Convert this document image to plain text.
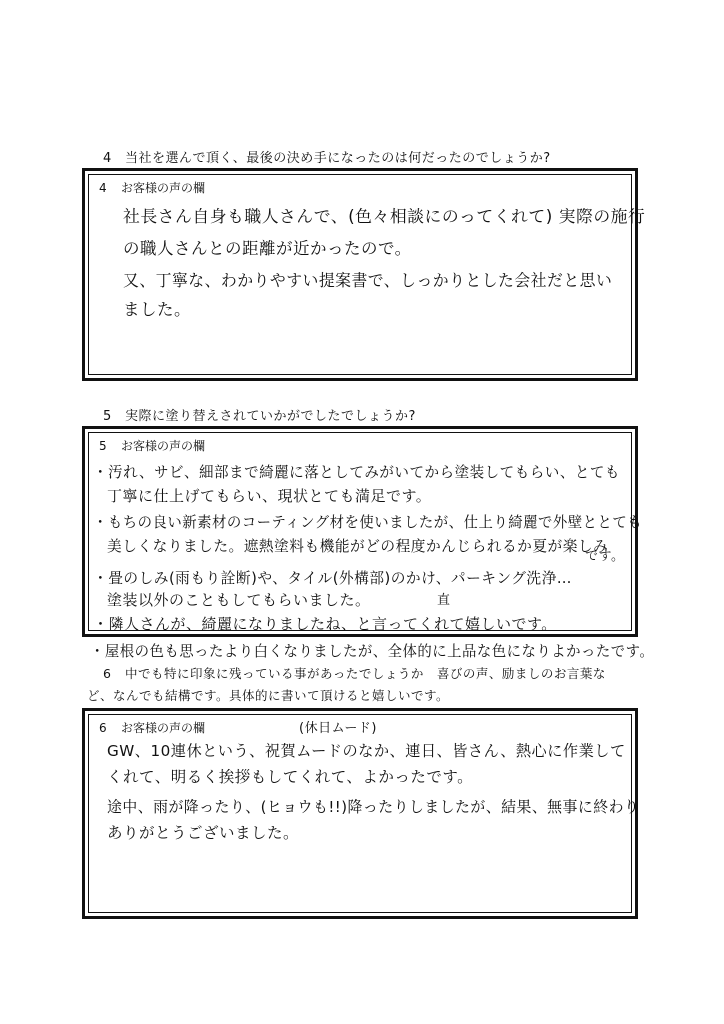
4 当社を選んで頂く、最後の決め手になったのは何だったのでしょうか?
4 お客様の声の欄
社長さん自身も職人さんで、(色々相談にのってくれて) 実際の施行
の職人さんとの距離が近かったので。
又、丁寧な、わかりやすい提案書で、しっかりとした会社だと思い
ました。
5 実際に塗り替えされていかがでしたでしょうか?
5 お客様の声の欄
・汚れ、サビ、細部まで綺麗に落としてみがいてから塗装してもらい、とても
丁寧に仕上げてもらい、現状とても満足です。
・もちの良い新素材のコーティング材を使いましたが、仕上り綺麗で外壁ととても
美しくなりました。遮熱塗料も機能がどの程度かんじられるか夏が楽しみ
です。
・畳のしみ(雨もり詮断)や、タイル(外構部)のかけ、パーキング洗浄…
直
塗装以外のこともしてもらいました。
・隣人さんが、綺麗になりましたね、と言ってくれて嬉しいです。
・屋根の色も思ったより白くなりましたが、全体的に上品な色になりよかったです。
6 中でも特に印象に残っている事があったでしょうか　喜びの声、励ましのお言葉な
ど、なんでも結構です。具体的に書いて頂けると嬉しいです。
6 お客様の声の欄	(休日ムード)
GW、10連休という、祝賀ムードのなか、連日、皆さん、熱心に作業して
くれて、明るく挨拶もしてくれて、よかったです。
途中、雨が降ったり、(ヒョウも!!)降ったりしましたが、結果、無事に終わり
ありがとうございました。
